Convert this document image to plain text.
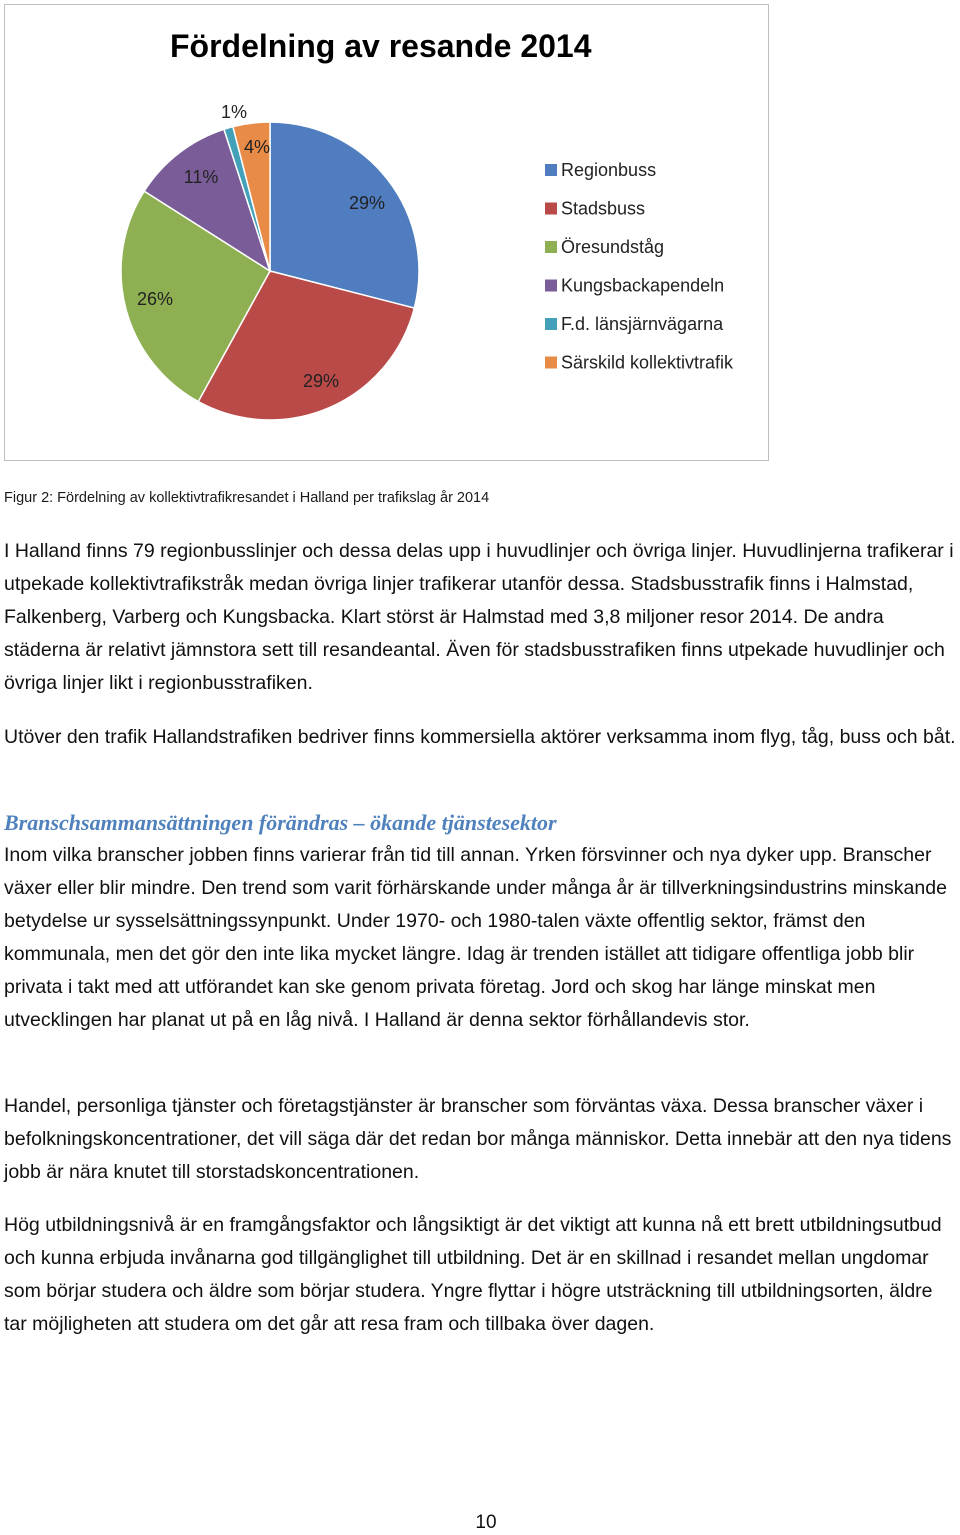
Fördelning av resande 2014
29%
29%
26%
11%
1%
4%
Regionbuss
Stadsbuss
Öresundståg
Kungsbackapendeln
F.d. länsjärnvägarna
Särskild kollektivtrafik

Figur 2: Fördelning av kollektivtrafikresandet i Halland per trafikslag år 2014

I Halland finns 79 regionbusslinjer och dessa delas upp i huvudlinjer och övriga linjer. Huvudlinjerna trafikerar i utpekade kollektivtrafikstråk medan övriga linjer trafikerar utanför dessa. Stadsbusstrafik finns i Halmstad, Falkenberg, Varberg och Kungsbacka. Klart störst är Halmstad med 3,8 miljoner resor 2014. De andra städerna är relativt jämnstora sett till resandeantal. Även för stadsbusstrafiken finns utpekade huvudlinjer och övriga linjer likt i regionbusstrafiken.

Utöver den trafik Hallandstrafiken bedriver finns kommersiella aktörer verksamma inom flyg, tåg, buss och båt.

Branschsammansättningen förändras – ökande tjänstesektor

Inom vilka branscher jobben finns varierar från tid till annan. Yrken försvinner och nya dyker upp. Branscher växer eller blir mindre. Den trend som varit förhärskande under många år är tillverkningsindustrins minskande betydelse ur sysselsättningssynpunkt. Under 1970- och 1980-talen växte offentlig sektor, främst den kommunala, men det gör den inte lika mycket längre. Idag är trenden istället att tidigare offentliga jobb blir privata i takt med att utförandet kan ske genom privata företag. Jord och skog har länge minskat men utvecklingen har planat ut på en låg nivå. I Halland är denna sektor förhållandevis stor.

Handel, personliga tjänster och företagstjänster är branscher som förväntas växa. Dessa branscher växer i befolkningskoncentrationer, det vill säga där det redan bor många människor. Detta innebär att den nya tidens jobb är nära knutet till storstadskoncentrationen.

Hög utbildningsnivå är en framgångsfaktor och långsiktigt är det viktigt att kunna nå ett brett utbildningsutbud och kunna erbjuda invånarna god tillgänglighet till utbildning. Det är en skillnad i resandet mellan ungdomar som börjar studera och äldre som börjar studera. Yngre flyttar i högre utsträckning till utbildningsorten, äldre tar möjligheten att studera om det går att resa fram och tillbaka över dagen.

10
